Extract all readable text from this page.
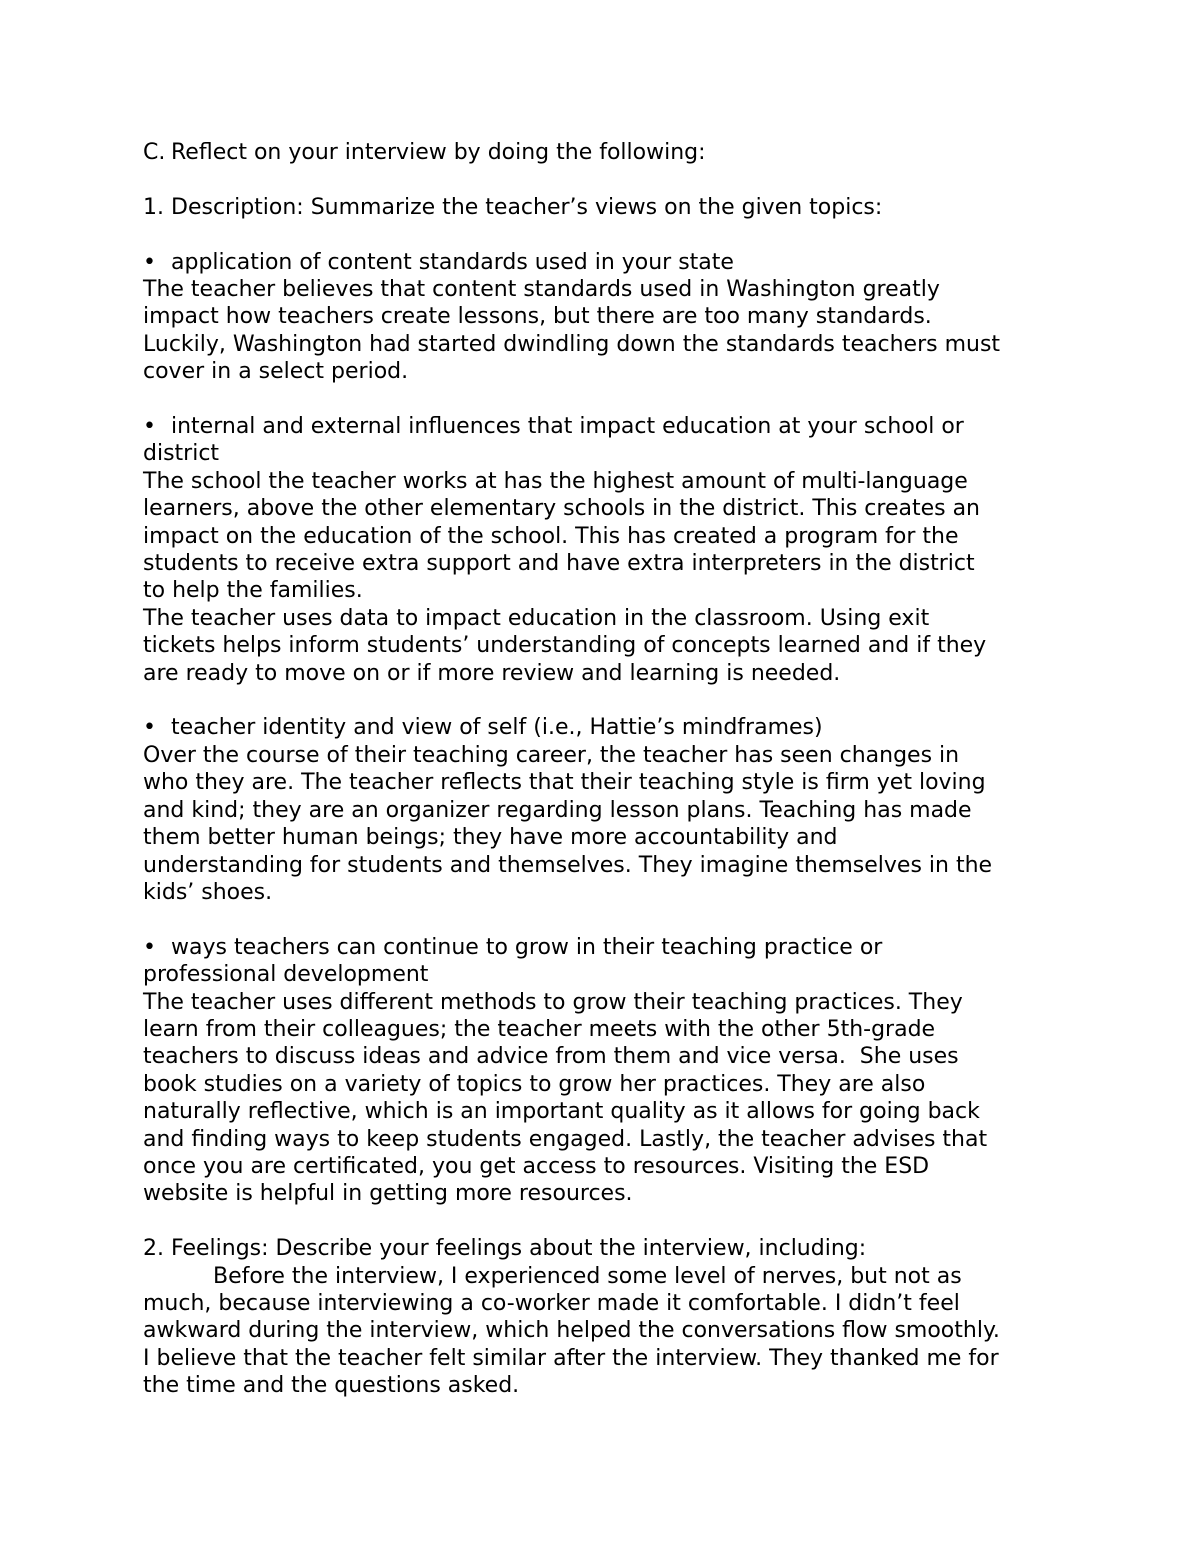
C. Reflect on your interview by doing the following:

1. Description: Summarize the teacher’s views on the given topics:

• application of content standards used in your state
The teacher believes that content standards used in Washington greatly
impact how teachers create lessons, but there are too many standards.
Luckily, Washington had started dwindling down the standards teachers must
cover in a select period.
• internal and external influences that impact education at your school or
district
The school the teacher works at has the highest amount of multi-language
learners, above the other elementary schools in the district. This creates an
impact on the education of the school. This has created a program for the
students to receive extra support and have extra interpreters in the district
to help the families.
The teacher uses data to impact education in the classroom. Using exit
tickets helps inform students’ understanding of concepts learned and if they
are ready to move on or if more review and learning is needed.
• teacher identity and view of self (i.e., Hattie’s mindframes)
Over the course of their teaching career, the teacher has seen changes in
who they are. The teacher reflects that their teaching style is firm yet loving
and kind; they are an organizer regarding lesson plans. Teaching has made
them better human beings; they have more accountability and
understanding for students and themselves. They imagine themselves in the
kids’ shoes.
• ways teachers can continue to grow in their teaching practice or
professional development
The teacher uses different methods to grow their teaching practices. They
learn from their colleagues; the teacher meets with the other 5th-grade
teachers to discuss ideas and advice from them and vice versa.  She uses
book studies on a variety of topics to grow her practices. They are also
naturally reflective, which is an important quality as it allows for going back
and finding ways to keep students engaged. Lastly, the teacher advises that
once you are certificated, you get access to resources. Visiting the ESD
website is helpful in getting more resources.
2. Feelings: Describe your feelings about the interview, including:
Before the interview, I experienced some level of nerves, but not as
much, because interviewing a co-worker made it comfortable. I didn’t feel
awkward during the interview, which helped the conversations flow smoothly.
I believe that the teacher felt similar after the interview. They thanked me for
the time and the questions asked.
